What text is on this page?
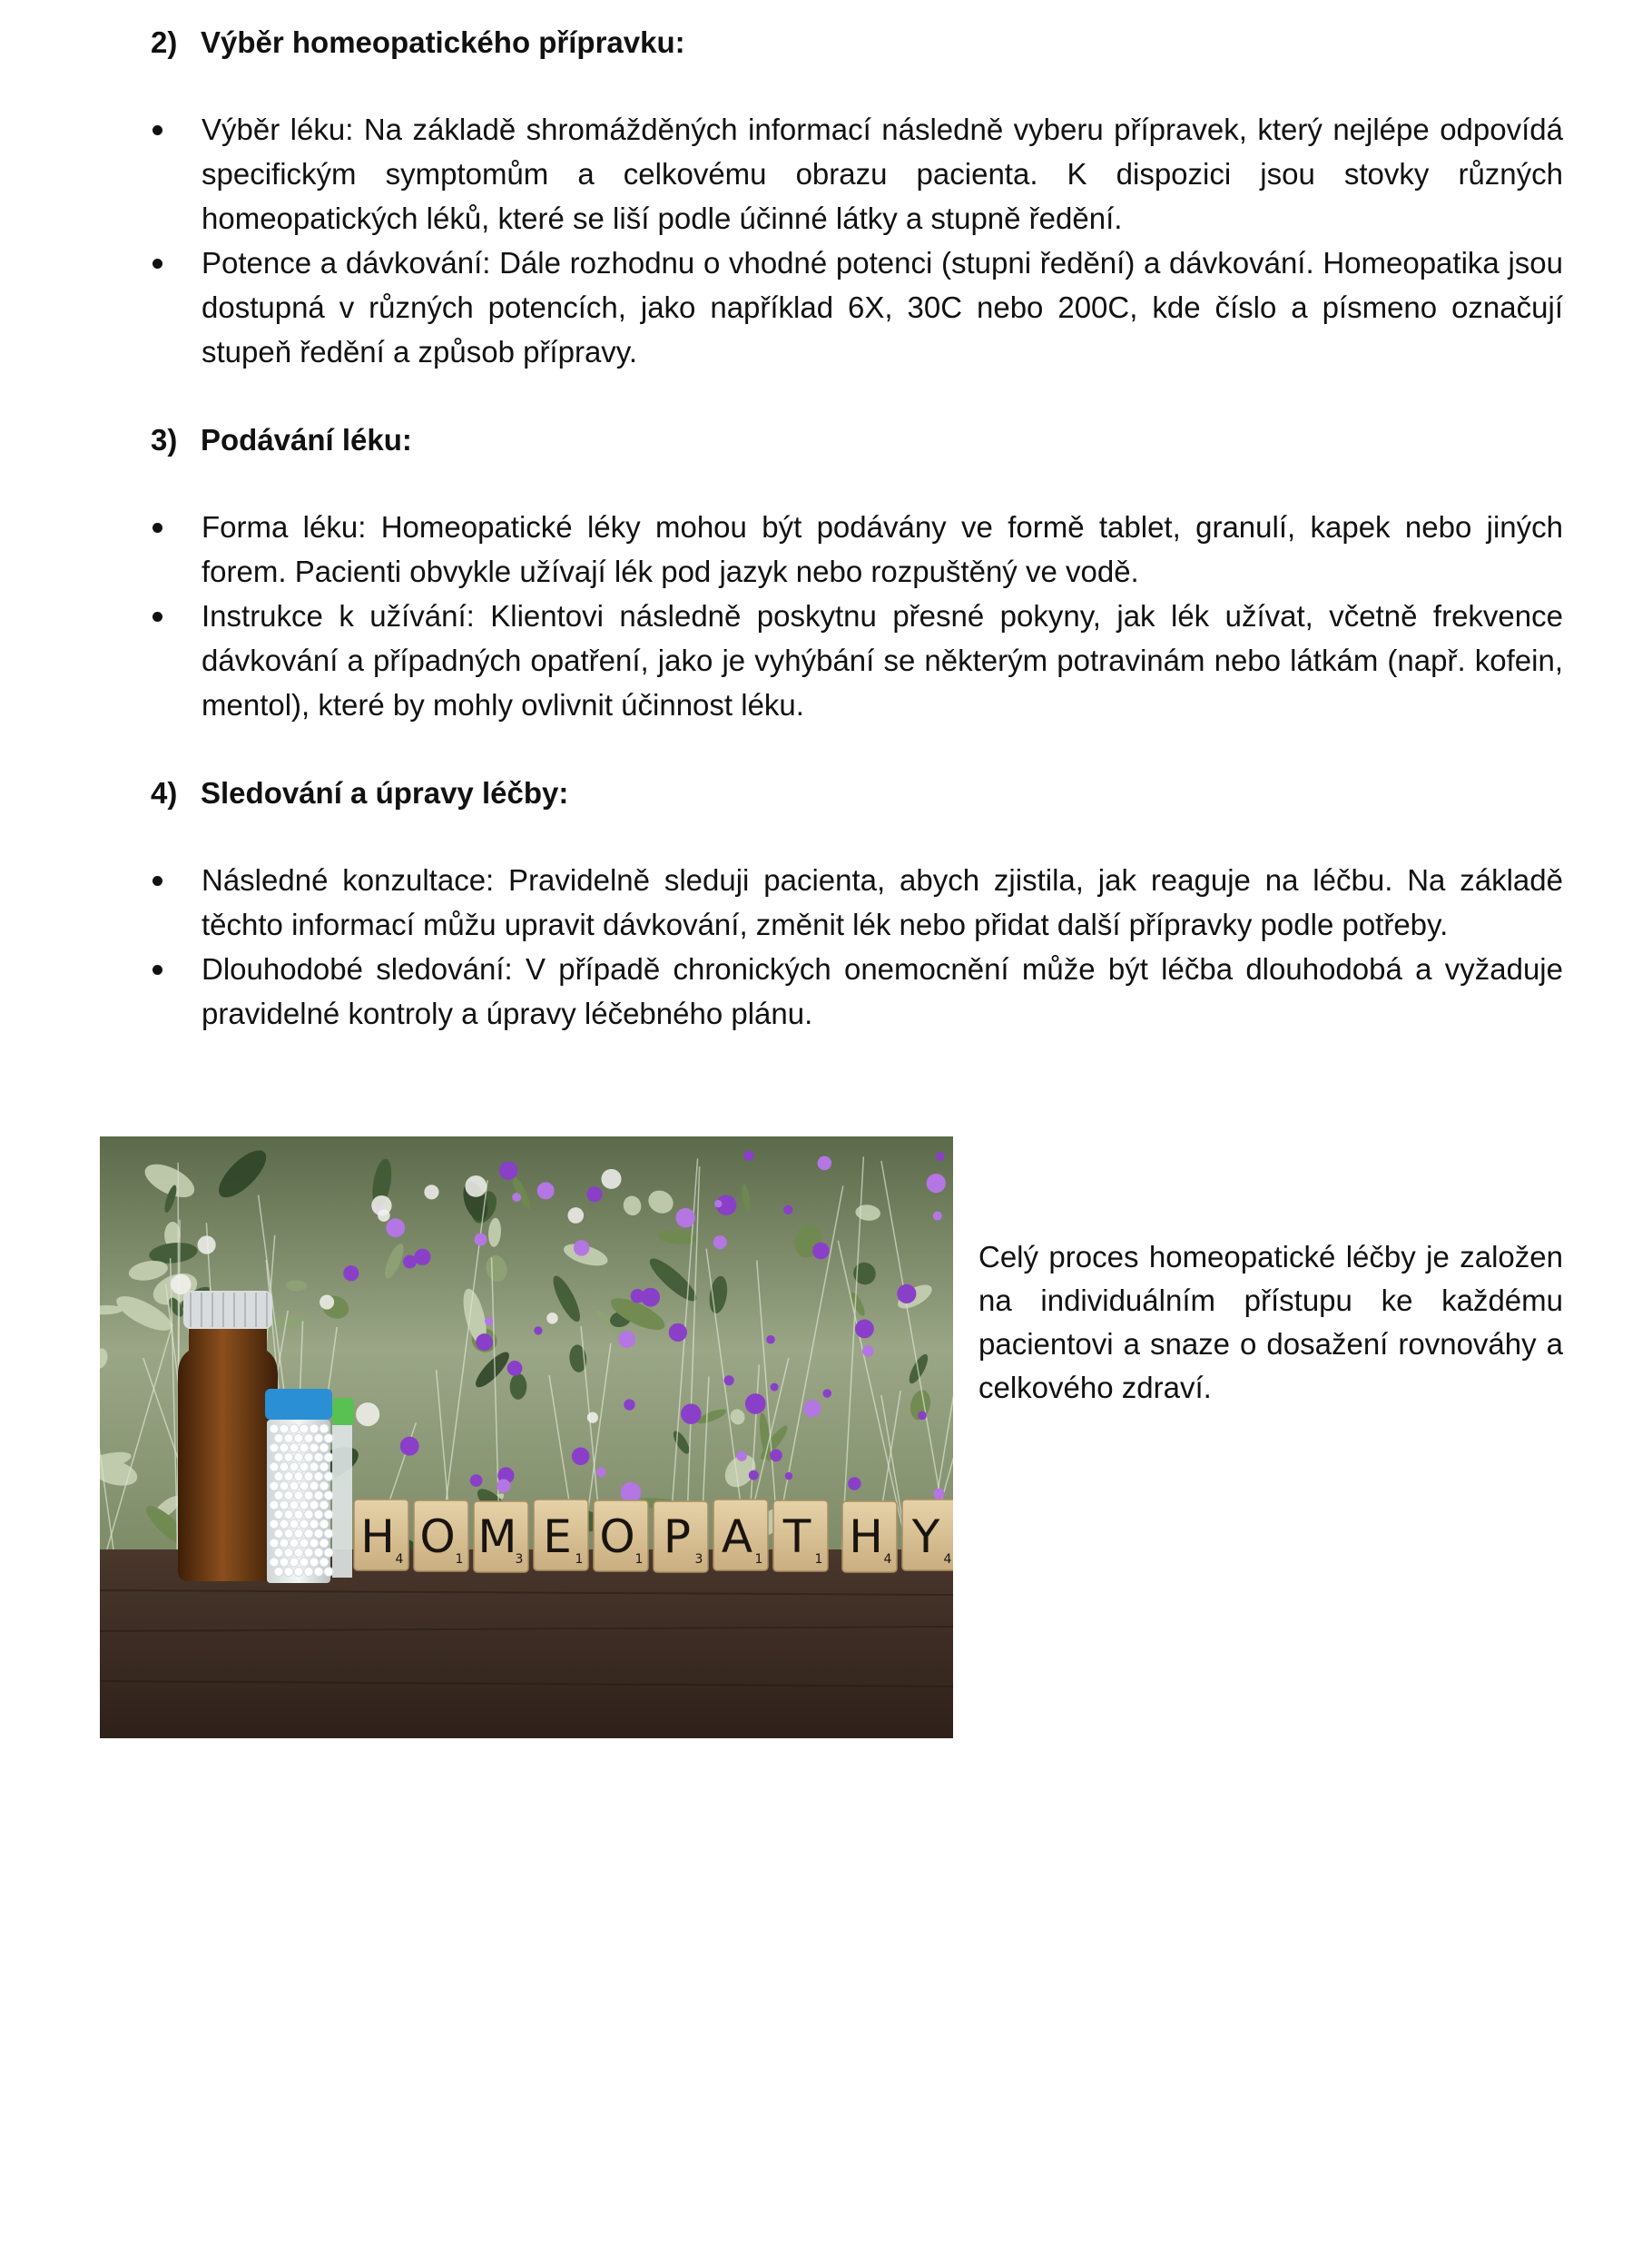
2) Výběr homeopatického přípravku:
Výběr léku: Na základě shromážděných informací následně vyberu přípravek, který nejlépe odpovídá specifickým symptomům a celkovému obrazu pacienta. K dispozici jsou stovky různých homeopatických léků, které se liší podle účinné látky a stupně ředění.
Potence a dávkování: Dále rozhodnu o vhodné potenci (stupni ředění) a dávkování. Homeopatika jsou dostupná v různých potencích, jako například 6X, 30C nebo 200C, kde číslo a písmeno označují stupeň ředění a způsob přípravy.
3) Podávání léku:
Forma léku: Homeopatické léky mohou být podávány ve formě tablet, granulí, kapek nebo jiných forem. Pacienti obvykle užívají lék pod jazyk nebo rozpuštěný ve vodě.
Instrukce k užívání: Klientovi následně poskytnu přesné pokyny, jak lék užívat, včetně frekvence dávkování a případných opatření, jako je vyhýbání se některým potravinám nebo látkám (např. kofein, mentol), které by mohly ovlivnit účinnost léku.
4) Sledování a úpravy léčby:
Následné konzultace: Pravidelně sleduji pacienta, abych zjistila, jak reaguje na léčbu. Na základě těchto informací můžu upravit dávkování, změnit lék nebo přidat další přípravky podle potřeby.
Dlouhodobé sledování: V případě chronických onemocnění může být léčba dlouhodobá a vyžaduje pravidelné kontroly a úpravy léčebného plánu.
H 4 O 1 M
3 E 1 O 1 P 3 A 1 T 1 H 4 Y 4

Celý proces homeopatické léčby je založen na individuálním přístupu ke každému pacientovi a snaze o dosažení rovnováhy a celkového zdraví.
